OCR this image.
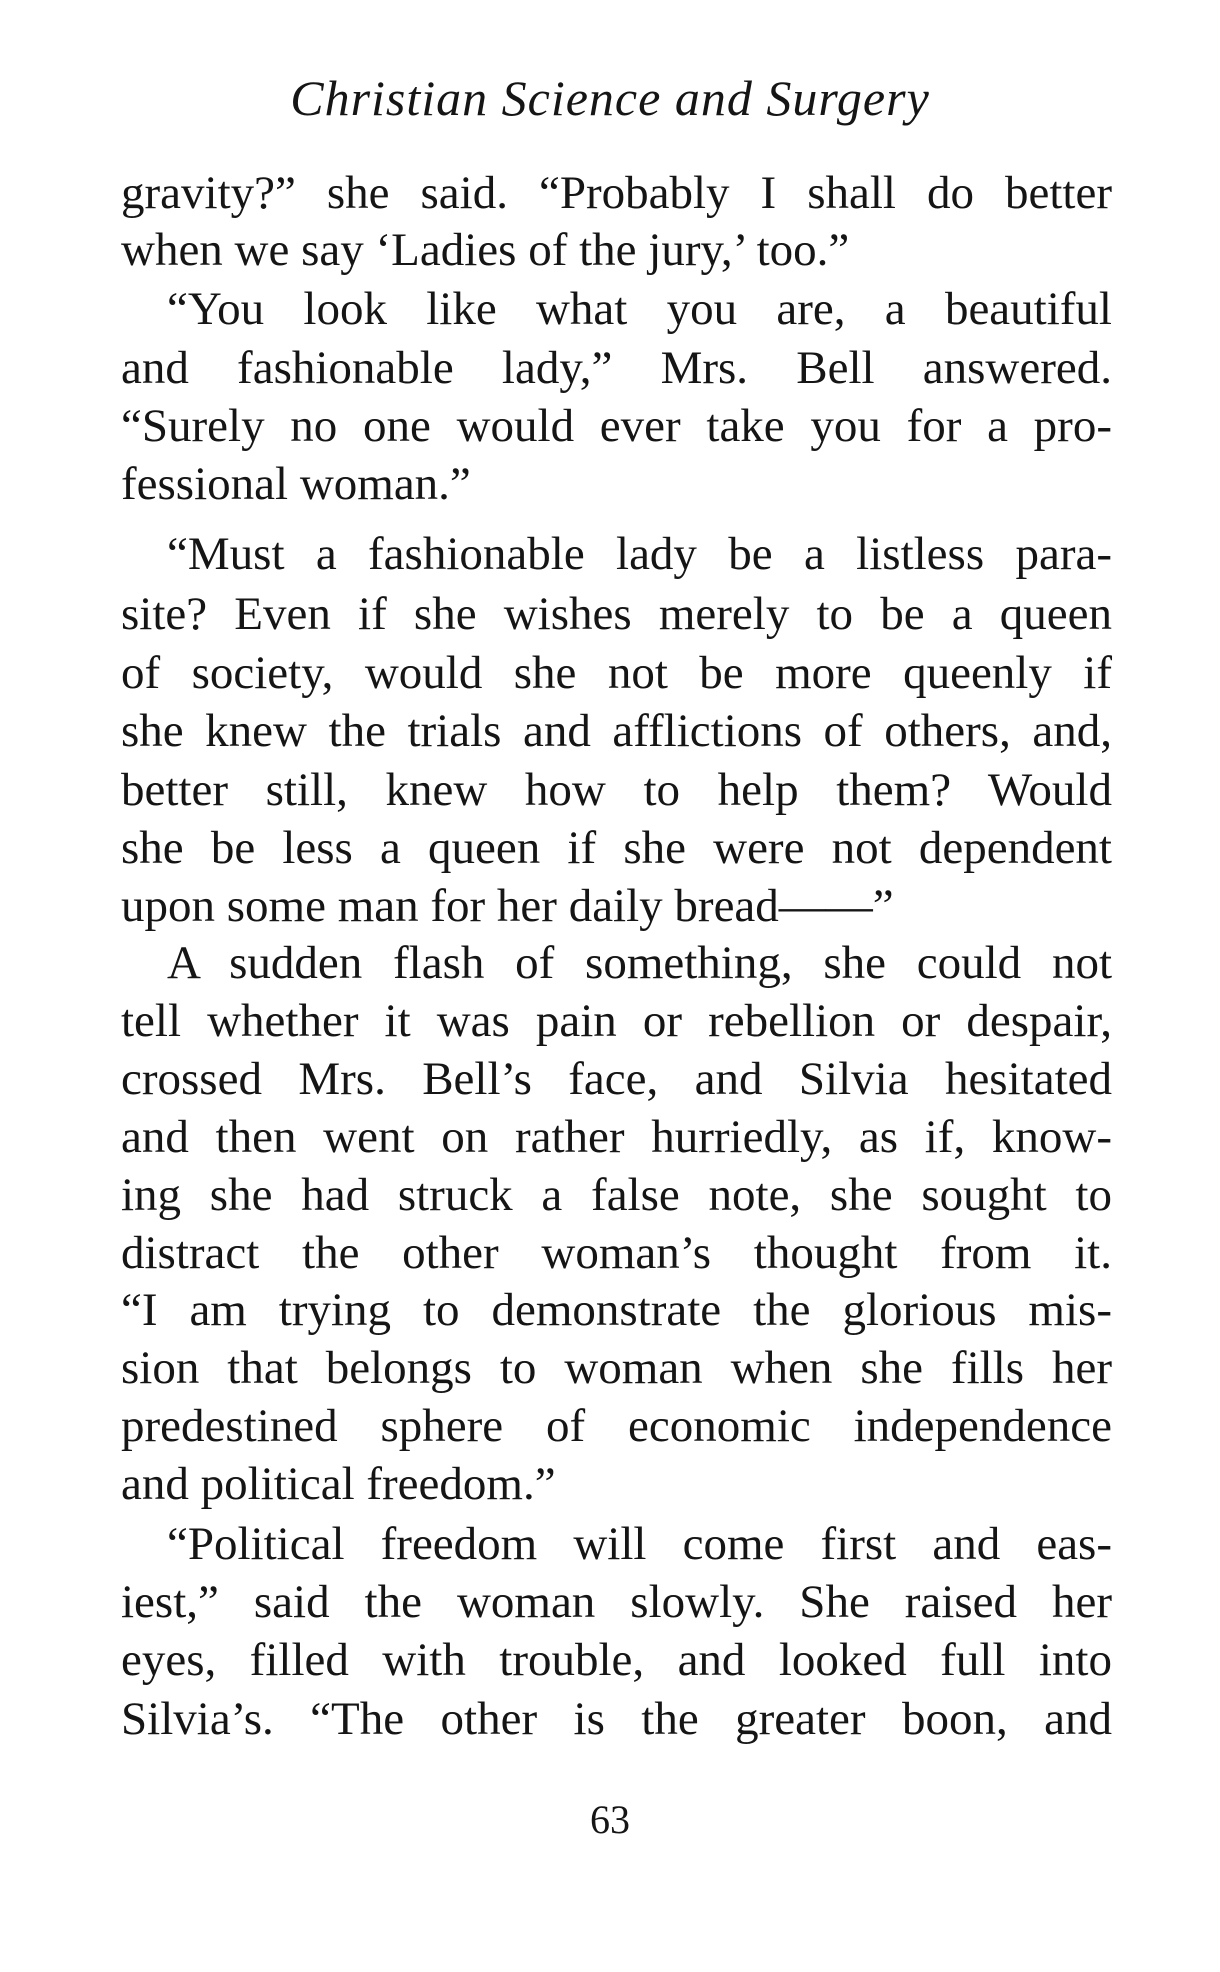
Christian Science and Surgery

gravity?” she said. “Probably I shall do better

when we say ‘Ladies of the jury,’ too.”

“You look like what you are, a beautiful

and fashionable lady,” Mrs. Bell answered.

“Surely no one would ever take you for a pro-

fessional woman.”

“Must a fashionable lady be a listless para-

site? Even if she wishes merely to be a queen

of society, would she not be more queenly if

she knew the trials and afflictions of others, and,

better still, knew how to help them? Would

she be less a queen if she were not dependent

upon some man for her daily bread——”

A sudden flash of something, she could not

tell whether it was pain or rebellion or despair,

crossed Mrs. Bell’s face, and Silvia hesitated

and then went on rather hurriedly, as if, know-

ing she had struck a false note, she sought to

distract the other woman’s thought from it.

“I am trying to demonstrate the glorious mis-

sion that belongs to woman when she fills her

predestined sphere of economic independence

and political freedom.”

“Political freedom will come first and eas-

iest,” said the woman slowly. She raised her

eyes, filled with trouble, and looked full into

Silvia’s. “The other is the greater boon, and

63
